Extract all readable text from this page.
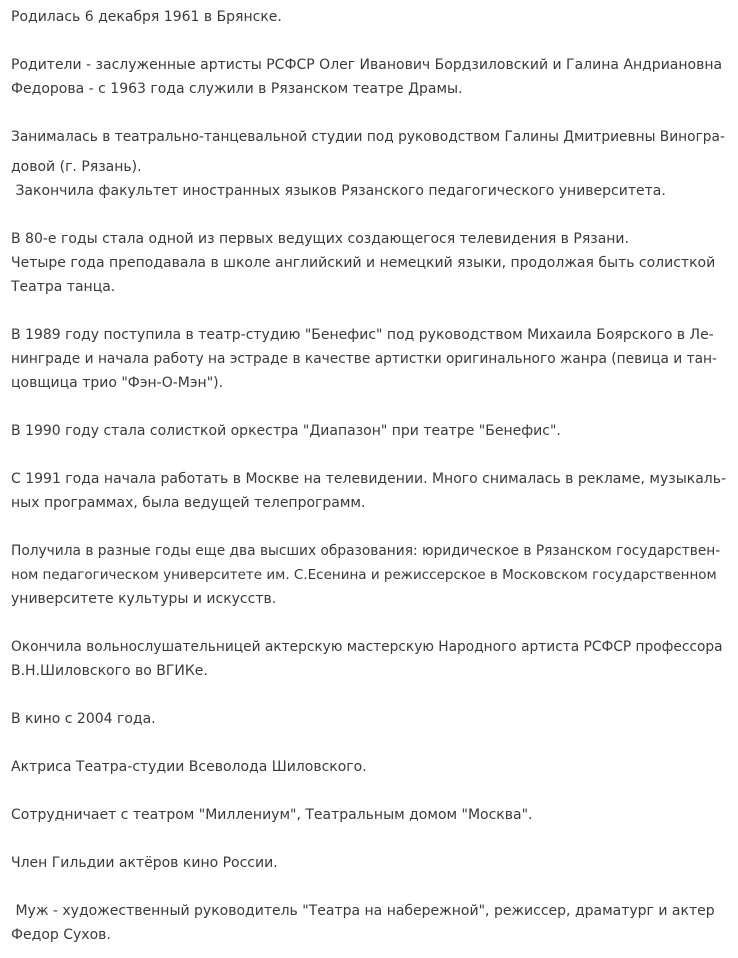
Родилась 6 декабря 1961 в Брянске.
Родители - заслуженные артисты РСФСР Олег Иванович Бордзиловский и Галина Андриановна
Федорова - с 1963 года служили в Рязанском театре Драмы.
Занималась в театрально-танцевальной студии под руководством Галины Дмитриевны Виногра-
довой (г. Рязань).
Закончила факультет иностранных языков Рязанского педагогического университета.
В 80-е годы стала одной из первых ведущих создающегося телевидения в Рязани.
Четыре года преподавала в школе английский и немецкий языки, продолжая быть солисткой
Театра танца.
В 1989 году поступила в театр-студию "Бенефис" под руководством Михаила Боярского в Ле-
нинграде и начала работу на эстраде в качестве артистки оригинального жанра (певица и тан-
цовщица трио "Фэн-О-Мэн").
В 1990 году стала солисткой оркестра "Диапазон" при театре "Бенефис".
С 1991 года начала работать в Москве на телевидении. Много снималась в рекламе, музыкаль-
ных программах, была ведущей телепрограмм.
Получила в разные годы еще два высших образования: юридическое в Рязанском государствен-
ном педагогическом университете им. С.Есенина и режиссерское в Московском государственном
университете культуры и искусств.
Окончила вольнослушательницей актерскую мастерскую Народного артиста РСФСР профессора
В.Н.Шиловского во ВГИКе.
В кино с 2004 года.
Актриса Театра-студии Всеволода Шиловского.
Сотрудничает с театром "Миллениум", Театральным домом "Москва".
Член Гильдии актёров кино России.
Муж - художественный руководитель "Театра на набережной", режиссер, драматург и актер
Федор Сухов.
